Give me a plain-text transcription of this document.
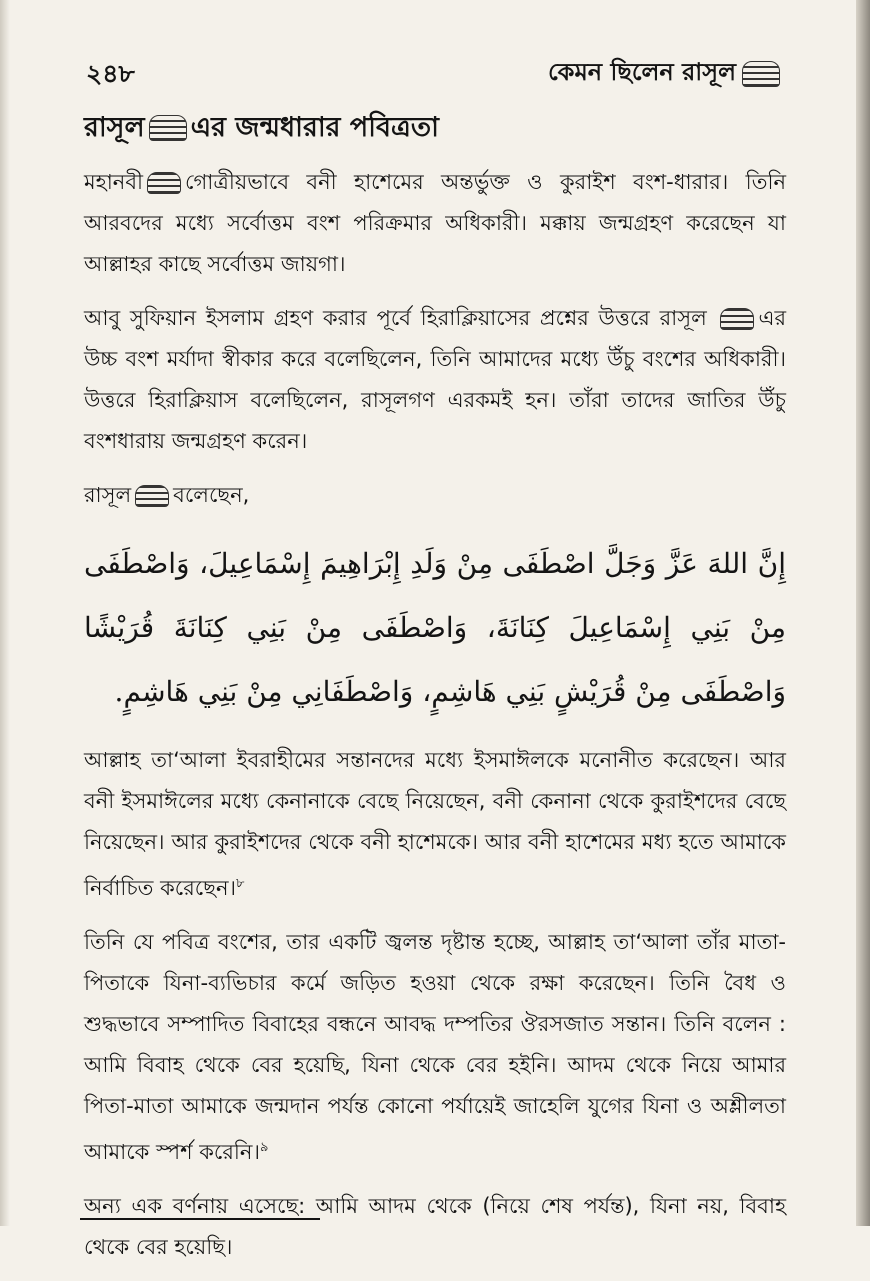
২৪৮	কেমন ছিলেন রাসূল
রাসূল এর জন্মধারার পবিত্রতা

মহানবী গোত্রীয়ভাবে বনী হাশেমের অন্তর্ভুক্ত ও কুরাইশ বংশ-ধারার। তিনি আরবদের মধ্যে সর্বোত্তম বংশ পরিক্রমার অধিকারী। মক্কায় জন্মগ্রহণ করেছেন যা আল্লাহর কাছে সর্বোত্তম জায়গা।

আবু সুফিয়ান ইসলাম গ্রহণ করার পূর্বে হিরাক্লিয়াসের প্রশ্নের উত্তরে রাসূল এর উচ্চ বংশ মর্যাদা স্বীকার করে বলেছিলেন, তিনি আমাদের মধ্যে উঁচু বংশের অধিকারী। উত্তরে হিরাক্লিয়াস বলেছিলেন, রাসূলগণ এরকমই হন। তাঁরা তাদের জাতির উঁচু বংশধারায় জন্মগ্রহণ করেন।

রাসূল বলেছেন,

إِنَّ اللهَ عَزَّ وَجَلَّ اصْطَفَى مِنْ وَلَدِ إِبْرَاهِيمَ إِسْمَاعِيلَ، وَاصْطَفَى مِنْ بَنِي إِسْمَاعِيلَ كِنَانَةَ، وَاصْطَفَى مِنْ بَنِي كِنَانَةَ قُرَيْشًا وَاصْطَفَى مِنْ قُرَيْشٍ بَنِي هَاشِمٍ، وَاصْطَفَانِي مِنْ بَنِي هَاشِمٍ.

আল্লাহ তা‘আলা ইবরাহীমের সন্তানদের মধ্যে ইসমাঈলকে মনোনীত করেছেন। আর বনী ইসমাঈলের মধ্যে কেনানাকে বেছে নিয়েছেন, বনী কেনানা থেকে কুরাইশদের বেছে নিয়েছেন। আর কুরাইশদের থেকে বনী হাশেমকে। আর বনী হাশেমের মধ্য হতে আমাকে নির্বাচিত করেছেন।$^৮$

তিনি যে পবিত্র বংশের, তার একটি জ্বলন্ত দৃষ্টান্ত হচ্ছে, আল্লাহ তা‘আলা তাঁর মাতা-পিতাকে যিনা-ব্যভিচার কর্মে জড়িত হওয়া থেকে রক্ষা করেছেন। তিনি বৈধ ও শুদ্ধভাবে সম্পাদিত বিবাহের বন্ধনে আবদ্ধ দম্পতির ঔরসজাত সন্তান। তিনি বলেন : আমি বিবাহ থেকে বের হয়েছি, যিনা থেকে বের হইনি। আদম থেকে নিয়ে আমার পিতা-মাতা আমাকে জন্মদান পর্যন্ত কোনো পর্যায়েই জাহেলি যুগের যিনা ও অশ্লীলতা আমাকে স্পর্শ করেনি।$^৯$

অন্য এক বর্ণনায় এসেছে: আমি আদম থেকে (নিয়ে শেষ পর্যন্ত), যিনা নয়, বিবাহ থেকে বের হয়েছি।
